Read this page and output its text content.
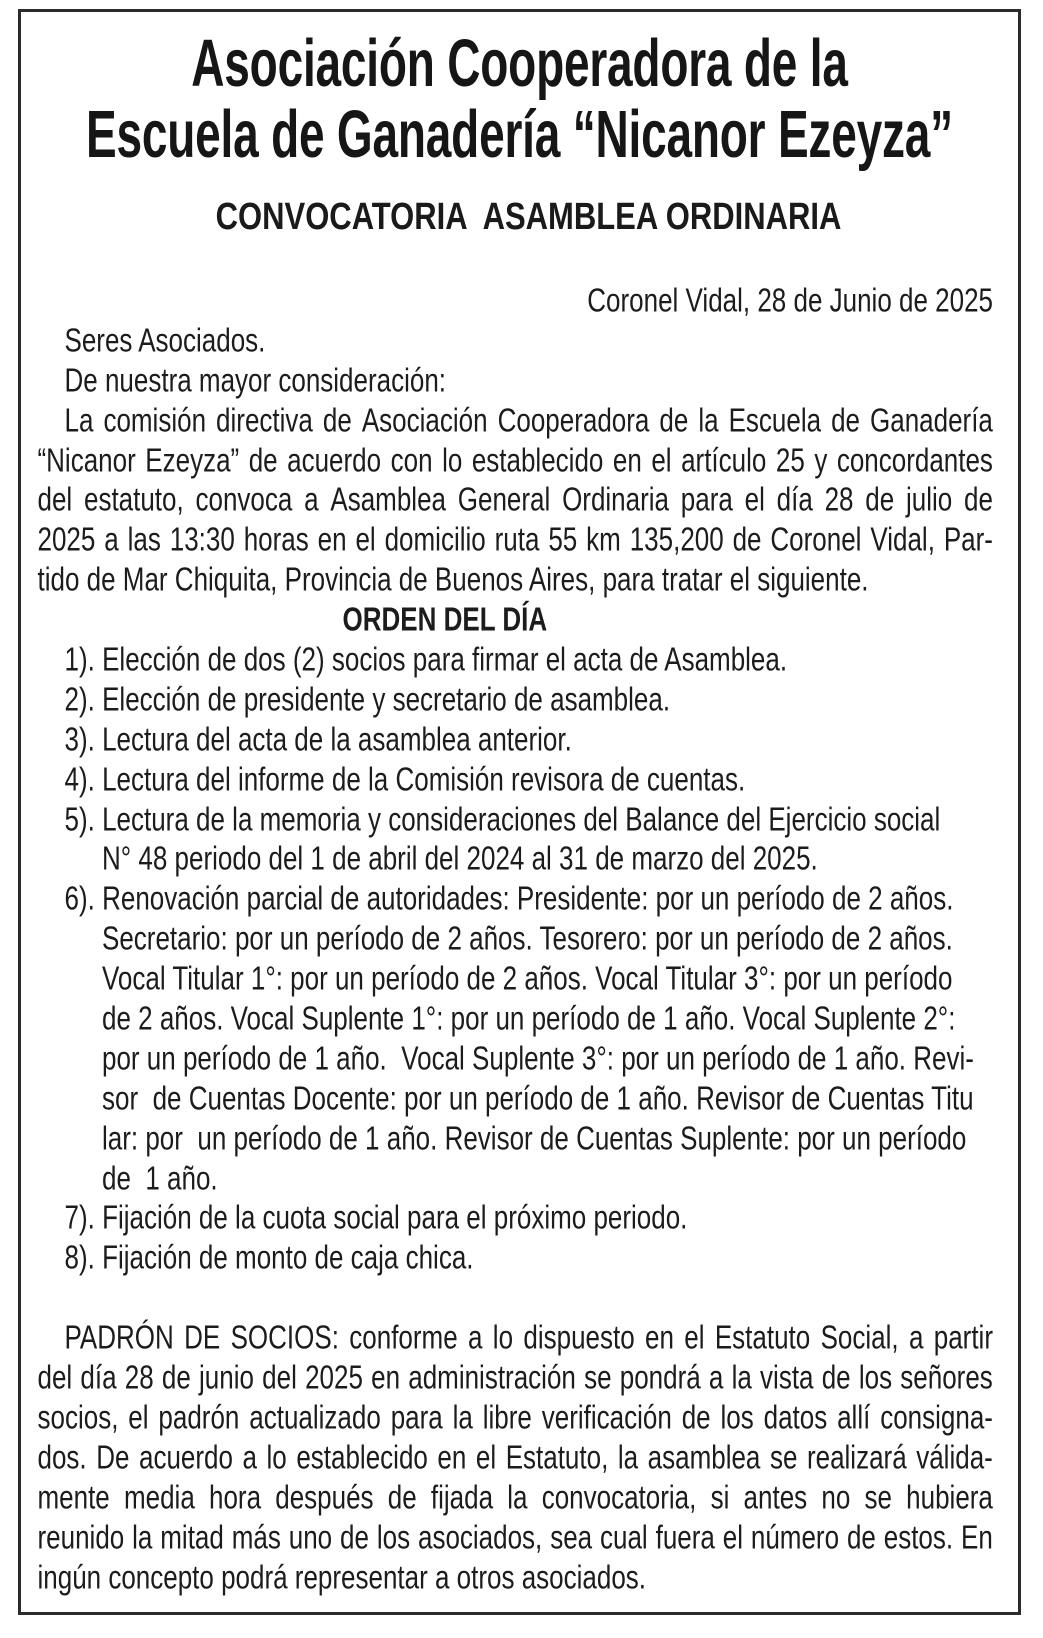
Asociación Cooperadora de la
Escuela de Ganadería “Nicanor Ezeyza”
CONVOCATORIA  ASAMBLEA ORDINARIA
Coronel Vidal, 28 de Junio de 2025
Seres Asociados.
De nuestra mayor consideración:
La comisión directiva de Asociación Cooperadora de la Escuela de Ganadería
“Nicanor Ezeyza” de acuerdo con lo establecido en el artículo 25 y concordantes
del estatuto, convoca a Asamblea General Ordinaria para el día 28 de julio de
2025 a las 13:30 horas en el domicilio ruta 55 km 135,200 de Coronel Vidal, Par-
tido de Mar Chiquita, Provincia de Buenos Aires, para tratar el siguiente.
ORDEN DEL DÍA
1). Elección de dos (2) socios para firmar el acta de Asamblea.
2). Elección de presidente y secretario de asamblea.
3). Lectura del acta de la asamblea anterior.
4). Lectura del informe de la Comisión revisora de cuentas.
5). Lectura de la memoria y consideraciones del Balance del Ejercicio social
N° 48 periodo del 1 de abril del 2024 al 31 de marzo del 2025.
6). Renovación parcial de autoridades: Presidente: por un período de 2 años.
Secretario: por un período de 2 años. Tesorero: por un período de 2 años.
Vocal Titular 1°: por un período de 2 años. Vocal Titular 3°: por un período
de 2 años. Vocal Suplente 1°: por un período de 1 año. Vocal Suplente 2°:
por un período de 1 año.  Vocal Suplente 3°: por un período de 1 año. Revi-
sor  de Cuentas Docente: por un período de 1 año. Revisor de Cuentas Titu
lar: por  un período de 1 año. Revisor de Cuentas Suplente: por un período
de  1 año.
7). Fijación de la cuota social para el próximo periodo.
8). Fijación de monto de caja chica.
PADRÓN DE SOCIOS: conforme a lo dispuesto en el Estatuto Social, a partir
del día 28 de junio del 2025 en administración se pondrá a la vista de los señores
socios, el padrón actualizado para la libre verificación de los datos allí consigna-
dos. De acuerdo a lo establecido en el Estatuto, la asamblea se realizará válida-
mente media hora después de fijada la convocatoria, si antes no se hubiera
reunido la mitad más uno de los asociados, sea cual fuera el número de estos. En
ingún concepto podrá representar a otros asociados.
